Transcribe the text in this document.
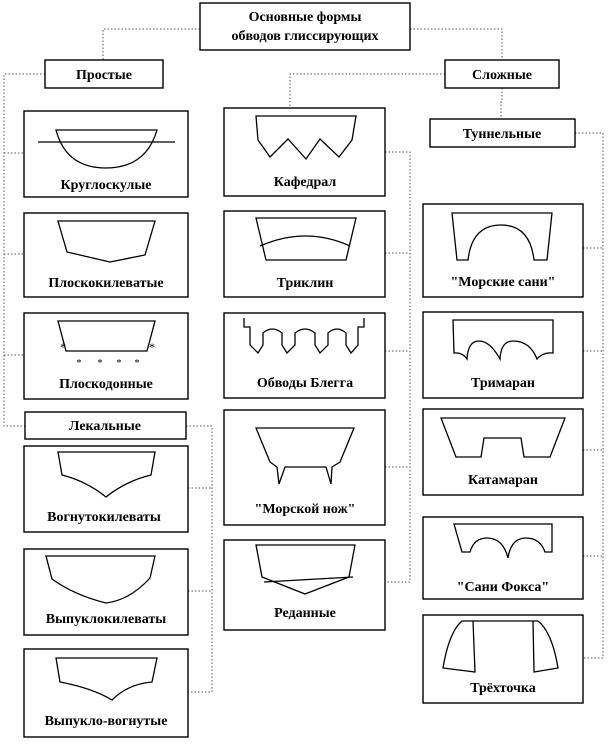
Основные формы
обводов глиссирующих
Простые	Сложные
Туннельные
Лекальные
Круглоскулые
Плоскокилеватые
*	*
* * * *
Плоскодонные
Вогнутокилеваты
Выпуклокилеваты
Выпукло-вогнутые
Кафедрал
Триклин
Обводы Блегга
"Морской нож"
Реданные
"Морские сани"
Тримаран
Катамаран
"Сани Фокса"
Трёхточка
